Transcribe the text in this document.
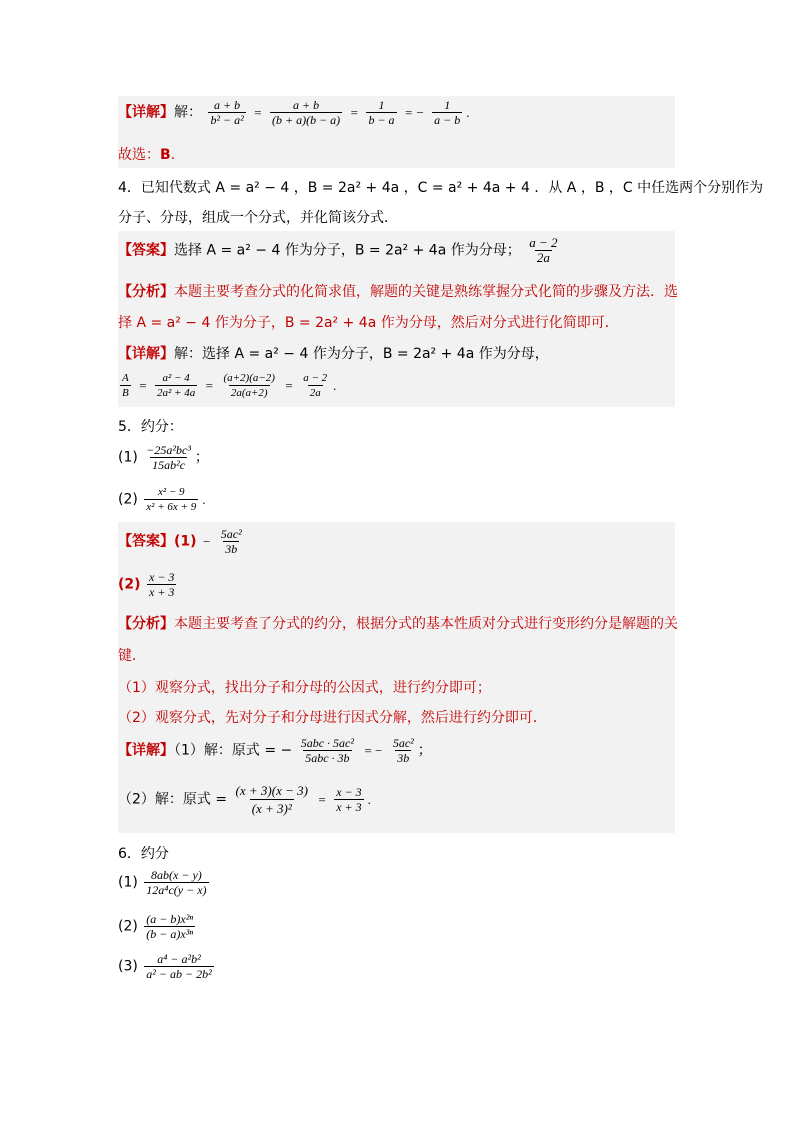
【详解】解： $\frac{a + b}{\text{b² − a²}} = \frac{a + b}{(b + a)(b - a)} = \frac{1}{b - a}$ = − $\frac{1}{a - b}$ .
故选：B.
4．已知代数式 A = a² − 4 ，B = 2a² + 4a ，C = a² + 4a + 4 ．从 A ，B ，C 中任选两个分别作为
分子、分母，组成一个分式，并化简该分式．
【答案】选择 A = a² − 4 作为分子，B = 2a² + 4a 作为分母； $\frac{a - 2}{2a}$
【分析】本题主要考查分式的化简求值，解题的关键是熟练掌握分式化简的步骤及方法．选
择 A = a² − 4 作为分子，B = 2a² + 4a 作为分母，然后对分式进行化简即可．
【详解】解：选择 A = a² − 4 作为分子，B = 2a² + 4a 作为分母，
$\frac{A}{B} = \frac{\text{a² − 4}}{\text{2a² + 4a}} = \frac{(a+2)(a-2)}{2a(a+2)} = \frac{a - 2}{2a}$ .
5．约分：
$(1) \frac{\text{−25a²bc³}}{\text{15ab²c}}$ ；
$(2) \frac{\text{x² − 9}}{\text{x² + 6x + 9}}$ .
【答案】$(1) - \frac{\text{5ac²}}{3b}$
$(2) \frac{x - 3}{x + 3}$
【分析】本题主要考查了分式的约分，根据分式的基本性质对分式进行变形约分是解题的关
键．
（1）观察分式，找出分子和分母的公因式，进行约分即可；
（2）观察分式，先对分子和分母进行因式分解，然后进行约分即可．
【详解】（1）解：原式 = − $\frac{\text{5abc · 5ac²}}{\text{5abc · 3b}}$ = − $\frac{\text{5ac²}}{3b}$ ；
（2）解：原式 = $\frac{(x + 3)(x - 3)}{\text{(x + 3)²}} = \frac{x - 3}{x + 3}$ .
6．约分
$(1) \frac{8ab(x - y)}{\text{12a⁴c(y − x)}}$
$(2) \frac{\text{(a − b)x²ⁿ}}{\text{(b − a)x³ⁿ}}$
$(3) \frac{\text{a⁴ − a²b²}}{\text{a² − ab − 2b²}}$
